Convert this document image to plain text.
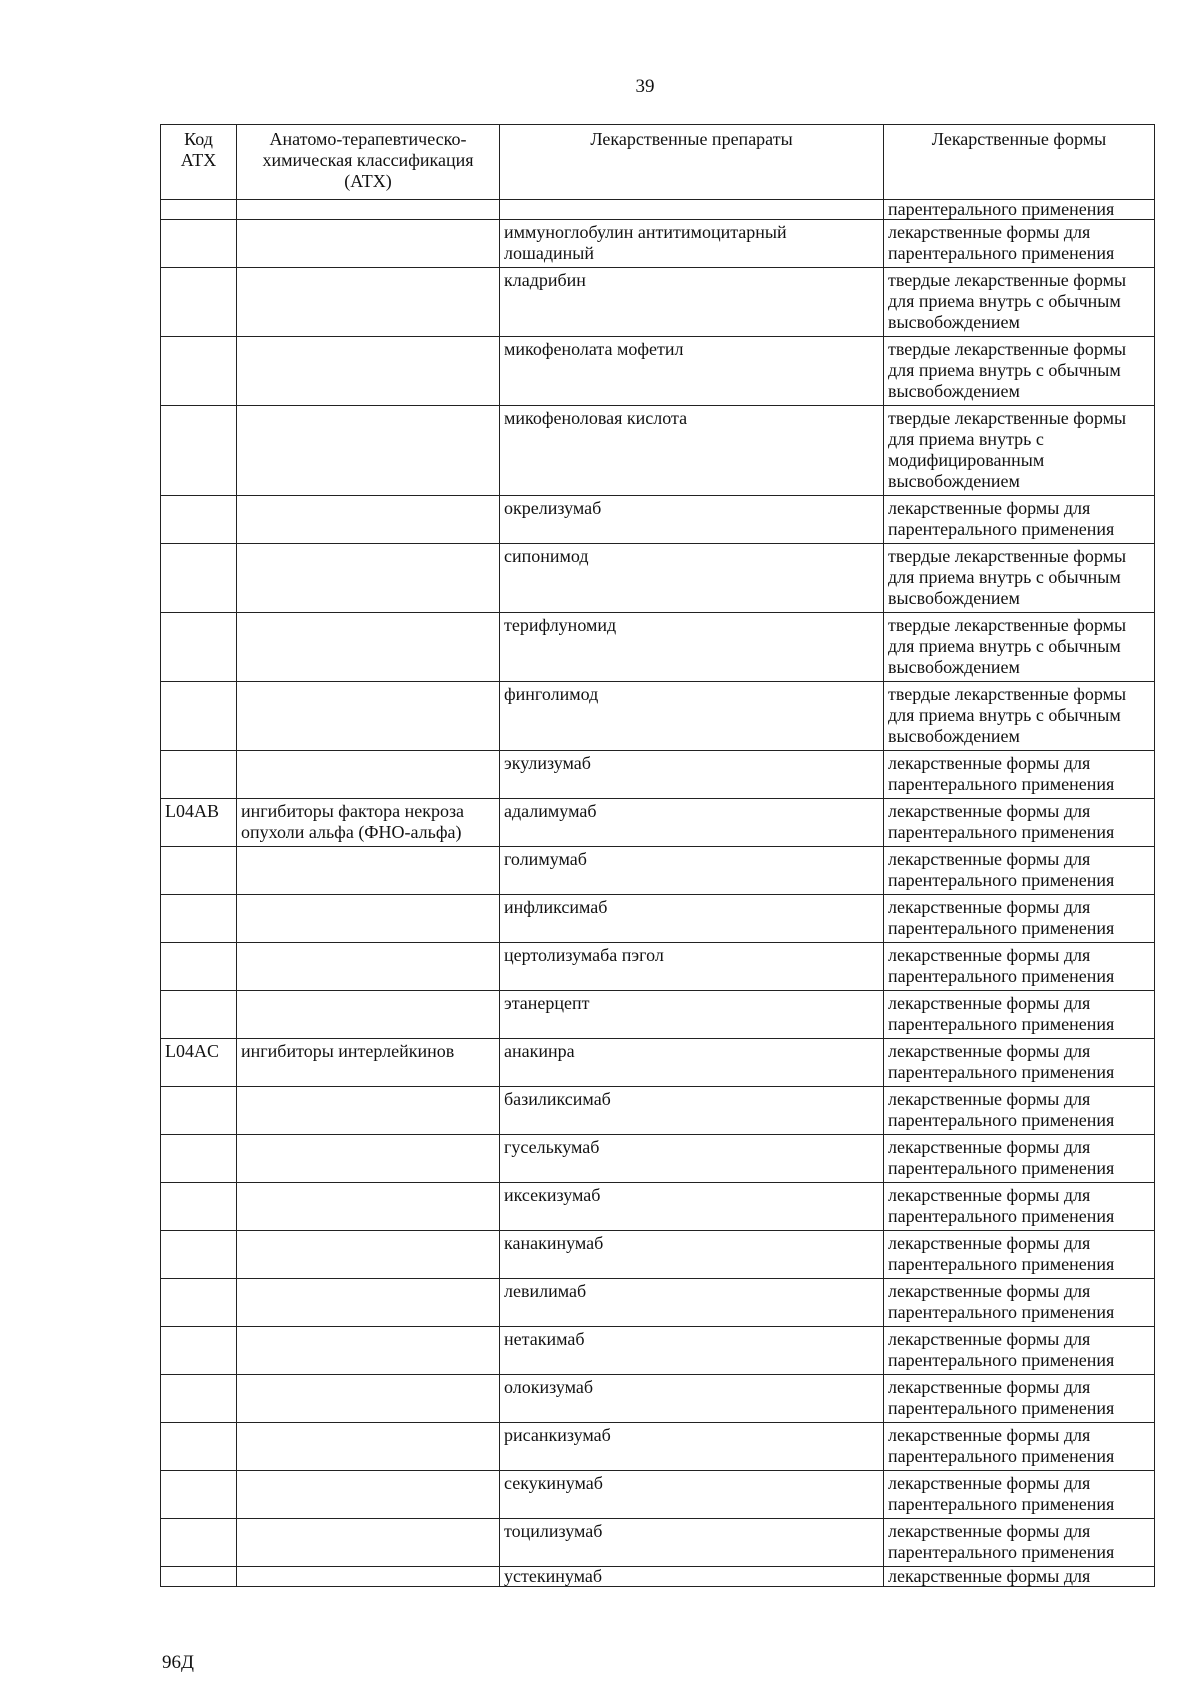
39
Код АТХ	Анатомо-терапевтическо-химическая классификация (АТХ)	Лекарственные препараты	Лекарственные формы
			парентерального применения
		иммуноглобулин антитимоцитарный лошадиный	лекарственные формы для парентерального применения
		кладрибин	твердые лекарственные формы для приема внутрь с обычным высвобождением
		микофенолата мофетил	твердые лекарственные формы для приема внутрь с обычным высвобождением
		микофеноловая кислота	твердые лекарственные формы для приема внутрь с модифицированным высвобождением
		окрелизумаб	лекарственные формы для парентерального применения
		сипонимод	твердые лекарственные формы для приема внутрь с обычным высвобождением
		терифлуномид	твердые лекарственные формы для приема внутрь с обычным высвобождением
		финголимод	твердые лекарственные формы для приема внутрь с обычным высвобождением
		экулизумаб	лекарственные формы для парентерального применения
L04AB	ингибиторы фактора некроза опухоли альфа (ФНО-альфа)	адалимумаб	лекарственные формы для парентерального применения
		голимумаб	лекарственные формы для парентерального применения
		инфликсимаб	лекарственные формы для парентерального применения
		цертолизумаба пэгол	лекарственные формы для парентерального применения
		этанерцепт	лекарственные формы для парентерального применения
L04AC	ингибиторы интерлейкинов	анакинра	лекарственные формы для парентерального применения
		базиликсимаб	лекарственные формы для парентерального применения
		гуселькумаб	лекарственные формы для парентерального применения
		иксекизумаб	лекарственные формы для парентерального применения
		канакинумаб	лекарственные формы для парентерального применения
		левилимаб	лекарственные формы для парентерального применения
		нетакимаб	лекарственные формы для парентерального применения
		олокизумаб	лекарственные формы для парентерального применения
		рисанкизумаб	лекарственные формы для парентерального применения
		секукинумаб	лекарственные формы для парентерального применения
		тоцилизумаб	лекарственные формы для парентерального применения
		устекинумаб	лекарственные формы для
96Д
